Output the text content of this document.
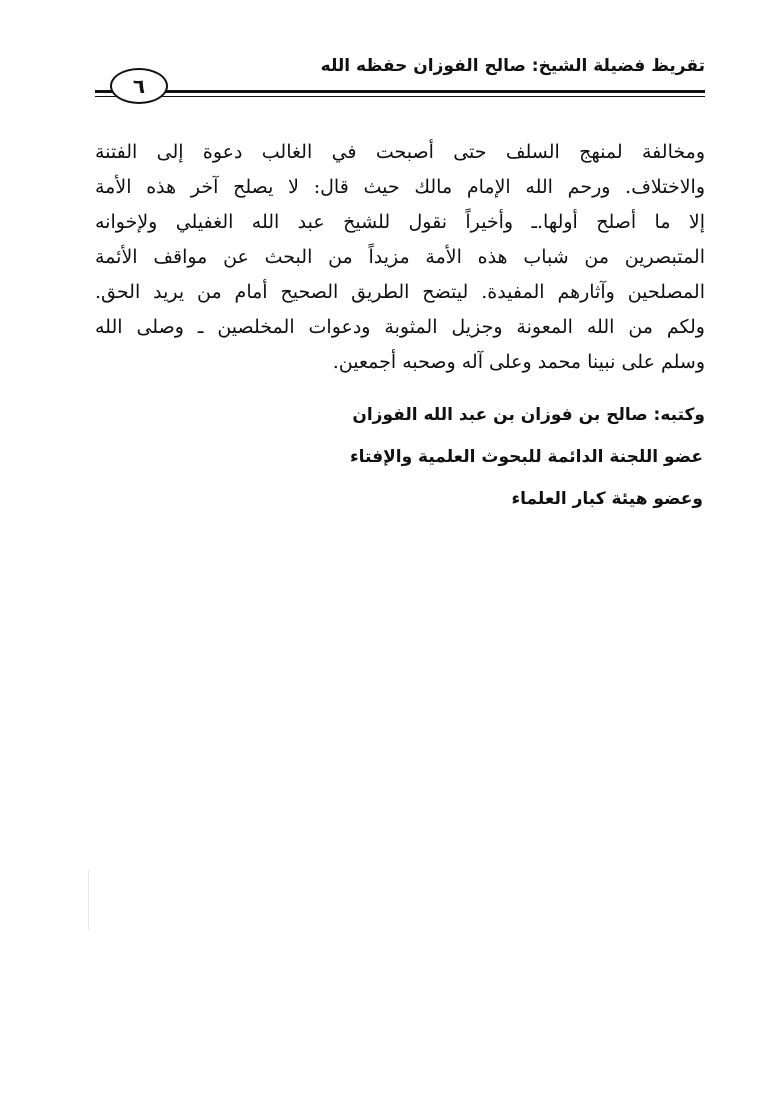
تقريظ فضيلة الشيخ: صالح الفوزان حفظه الله
٦
ومخالفة لمنهج السلف حتى أصبحت في الغالب دعوة إلى الفتنة
والاختلاف. ورحم الله الإمام مالك حيث قال: لا يصلح آخر هذه الأمة
إلا ما أصلح أولها.ـ وأخيراً نقول للشيخ عبد الله الغفيلي ولإخوانه
المتبصرين من شباب هذه الأمة مزيداً من البحث عن مواقف الأئمة
المصلحين وآثارهم المفيدة. ليتضح الطريق الصحيح أمام من يريد الحق.
ولكم من الله المعونة وجزيل المثوبة ودعوات المخلصين ـ وصلى الله
وسلم على نبينا محمد وعلى آله وصحبه أجمعين.
وكتبه: صالح بن فوزان بن عبد الله الفوزان
عضو اللجنة الدائمة للبحوث العلمية والإفتاء
وعضو هيئة كبار العلماء
